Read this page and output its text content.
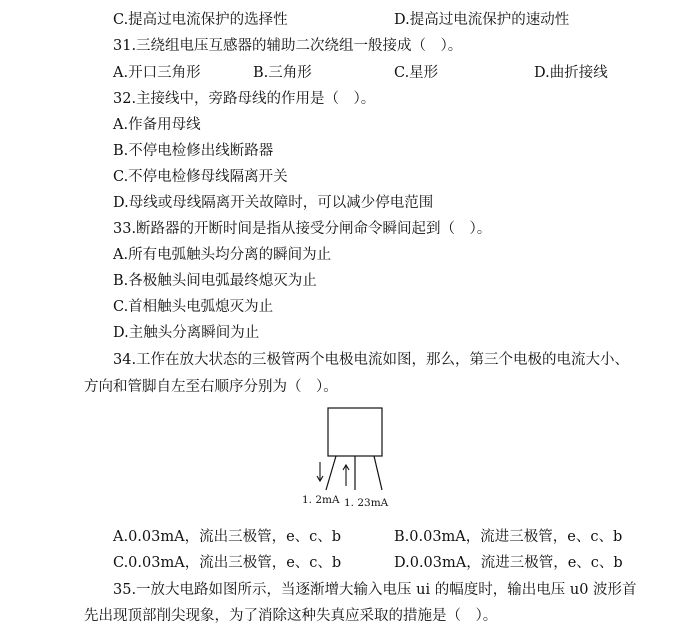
C.提高过电流保护的选择性	D.提高过电流保护的速动性
31.三绕组电压互感器的辅助二次绕组一般接成（　）。
A.开口三角形	B.三角形	C.星形	D.曲折接线
32.主接线中，旁路母线的作用是（　）。
A.作备用母线
B.不停电检修出线断路器
C.不停电检修母线隔离开关
D.母线或母线隔离开关故障时，可以减少停电范围
33.断路器的开断时间是指从接受分闸命令瞬间起到（　）。
A.所有电弧触头均分离的瞬间为止
B.各极触头间电弧最终熄灭为止
C.首相触头电弧熄灭为止
D.主触头分离瞬间为止
34.工作在放大状态的三极管两个电极电流如图，那么，第三个电极的电流大小、
方向和管脚自左至右顺序分别为（　）。
1. 2mA 1. 23mA
A.0.03mA，流出三极管，e、c、b	B.0.03mA，流进三极管，e、c、b
C.0.03mA，流出三极管，e、c、b	D.0.03mA，流进三极管，e、c、b
35.一放大电路如图所示，当逐渐增大输入电压 ui 的幅度时，输出电压 u0 波形首
先出现顶部削尖现象，为了消除这种失真应采取的措施是（　）。
